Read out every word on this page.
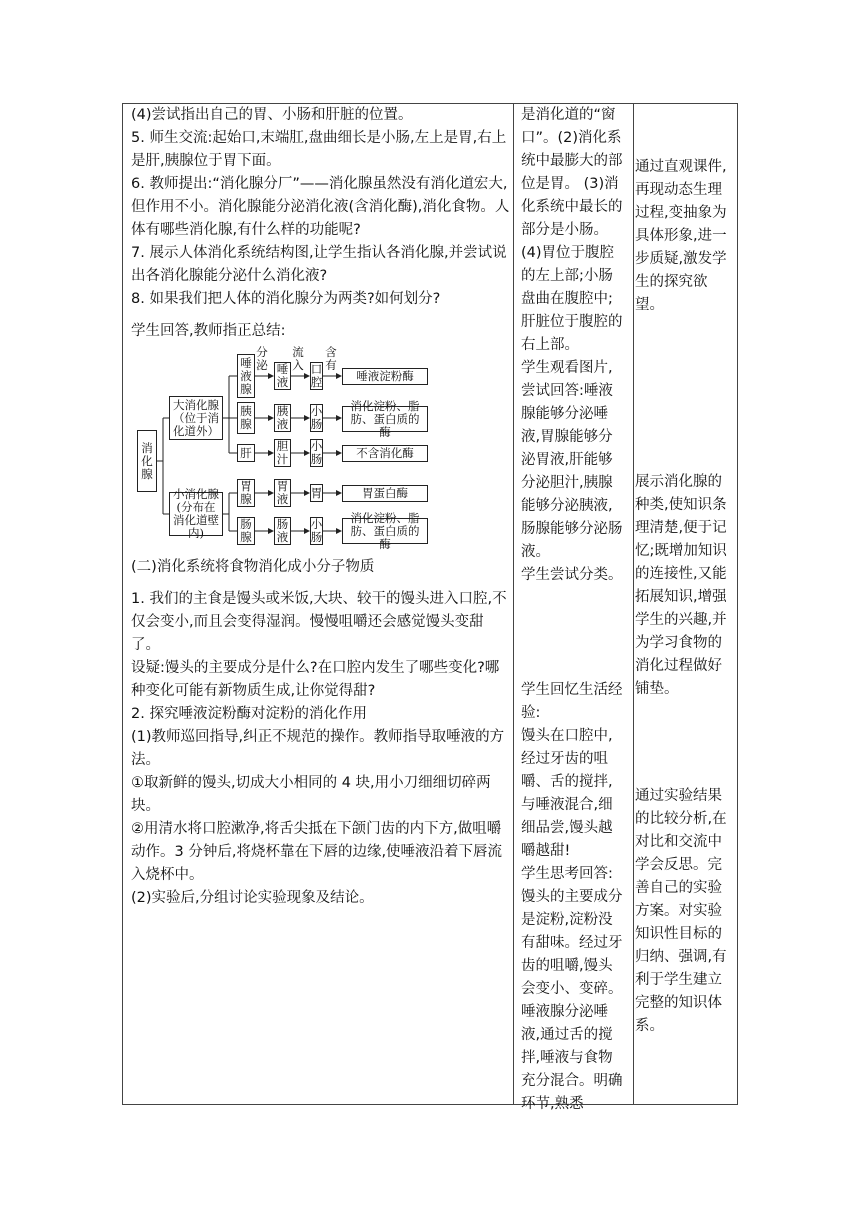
(4)尝试指出自己的胃、小肠和肝脏的位置。

5. 师生交流:起始口,末端肛,盘曲细长是小肠,左上是胃,右上是肝,胰腺位于胃下面。

6. 教师提出:“消化腺分厂”——消化腺虽然没有消化道宏大,但作用不小。消化腺能分泌消化液(含消化酶),消化食物。人体有哪些消化腺,有什么样的功能呢?

7. 展示人体消化系统结构图,让学生指认各消化腺,并尝试说出各消化腺能分泌什么消化液?

8. 如果我们把人体的消化腺分为两类?如何划分?

学生回答,教师指正总结:

分泌
流入
含有
消化腺
大消化腺（位于消化道外）
小消化腺(分布在消化道壁内)
唾液腺
唾液
口腔	唾液淀粉酶
胰腺
胰液
小肠
消化淀粉、脂肪、蛋白质的酶
肝 胆汁
小肠	不含消化酶
胃腺
胃液 胃	胃蛋白酶
肠腺
肠液
小肠
消化淀粉、脂肪、蛋白质的酶

(二)消化系统将食物消化成小分子物质

1. 我们的主食是馒头或米饭,大块、较干的馒头进入口腔,不仅会变小,而且会变得湿润。慢慢咀嚼还会感觉馒头变甜了。

设疑:馒头的主要成分是什么?在口腔内发生了哪些变化?哪种变化可能有新物质生成,让你觉得甜?

2. 探究唾液淀粉酶对淀粉的消化作用

(1)教师巡回指导,纠正不规范的操作。教师指导取唾液的方法。

①取新鲜的馒头,切成大小相同的 4 块,用小刀细细切碎两块。

②用清水将口腔漱净,将舌尖抵在下颌门齿的内下方,做咀嚼动作。3 分钟后,将烧杯靠在下唇的边缘,使唾液沿着下唇流入烧杯中。

(2)实验后,分组讨论实验现象及结论。

是消化道的“窗口”。(2)消化系统中最膨大的部位是胃。 (3)消化系统中最长的部分是小肠。(4)胃位于腹腔的左上部;小肠盘曲在腹腔中;肝脏位于腹腔的右上部。

学生观看图片,尝试回答:唾液腺能够分泌唾液,胃腺能够分泌胃液,肝能够分泌胆汁,胰腺能够分泌胰液,肠腺能够分泌肠液。

学生尝试分类。

学生回忆生活经验:

馒头在口腔中,经过牙齿的咀嚼、舌的搅拌,与唾液混合,细细品尝,馒头越嚼越甜!

学生思考回答:馒头的主要成分是淀粉,淀粉没有甜味。经过牙齿的咀嚼,馒头会变小、变碎。唾液腺分泌唾液,通过舌的搅拌,唾液与食物充分混合。明确环节,熟悉

通过直观课件,再现动态生理过程,变抽象为具体形象,进一步质疑,激发学生的探究欲望。

展示消化腺的种类,使知识条理清楚,便于记忆;既增加知识的连接性,又能拓展知识,增强学生的兴趣,并为学习食物的消化过程做好铺垫。

通过实验结果的比较分析,在对比和交流中学会反思。完善自己的实验方案。对实验知识性目标的归纳、强调,有利于学生建立完整的知识体系。
